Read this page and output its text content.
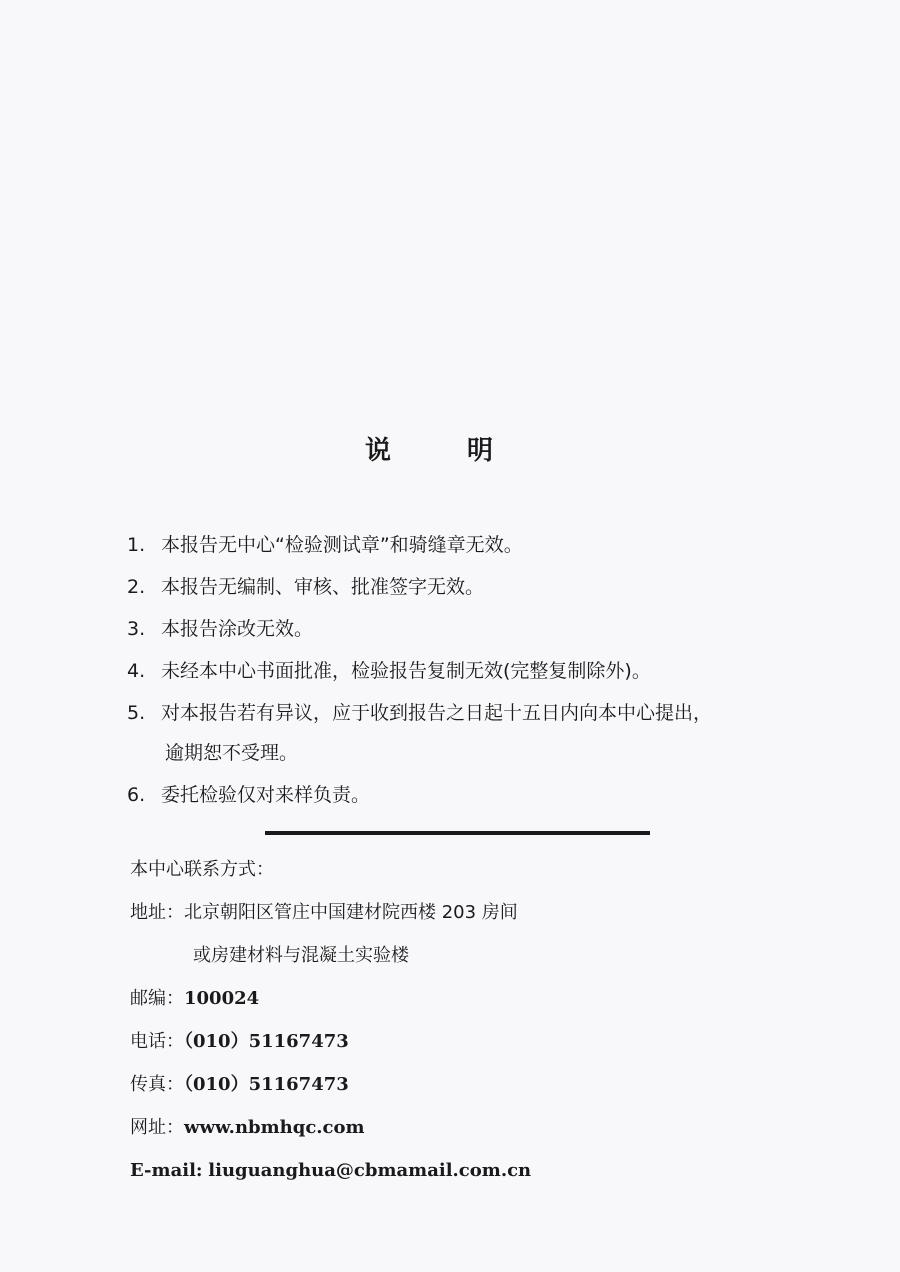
说	明
1. 本报告无中心“检验测试章”和骑缝章无效。
2. 本报告无编制、审核、批准签字无效。
3. 本报告涂改无效。
4. 未经本中心书面批准，检验报告复制无效(完整复制除外)。
5. 对本报告若有异议，应于收到报告之日起十五日内向本中心提出，
逾期恕不受理。
6. 委托检验仅对来样负责。
本中心联系方式：
地址：北京朝阳区管庄中国建材院西楼 203 房间
或房建材料与混凝土实验楼
邮编：100024
电话：（010）51167473
传真：（010）51167473
网址：www.nbmhqc.com
E-mail: liuguanghua@cbmamail.com.cn
